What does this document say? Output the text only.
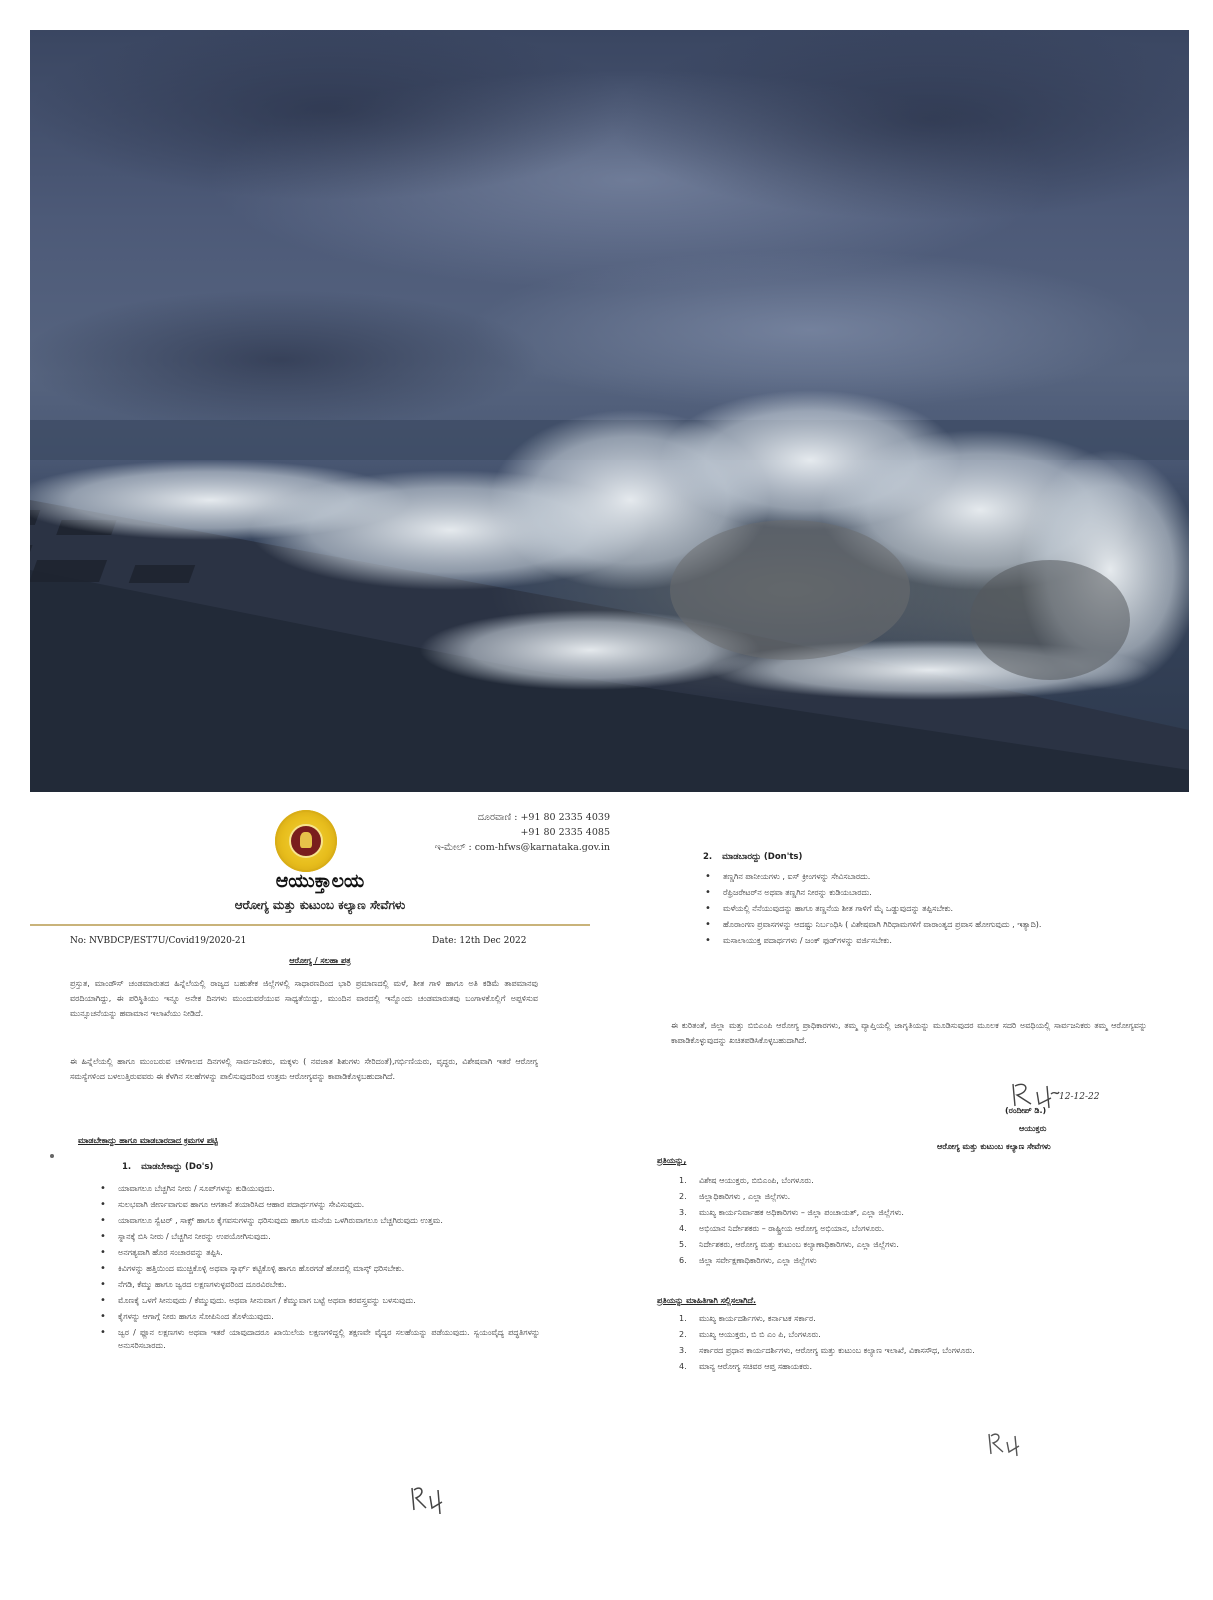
ದೂರವಾಣಿ : +91 80 2335 4039
+91 80 2335 4085
ಇ-ಮೇಲ್ : com-hfws@karnataka.gov.in
ಆಯುಕ್ತಾಲಯ
ಆರೋಗ್ಯ ಮತ್ತು ಕುಟುಂಬ ಕಲ್ಯಾಣ ಸೇವೆಗಳು
No: NVBDCP/EST7U/Covid19/2020-21	Date: 12th Dec 2022
ಆರೋಗ್ಯ / ಸಲಹಾ ಪತ್ರ
ಪ್ರಸ್ತುತ, ಮಾಂಡೌಸ್ ಚಂಡಮಾರುತದ ಹಿನ್ನೆಲೆಯಲ್ಲಿ ರಾಜ್ಯದ ಬಹುತೇಕ ಜಿಲ್ಲೆಗಳಲ್ಲಿ ಸಾಧಾರಣದಿಂದ ಭಾರಿ ಪ್ರಮಾಣದಲ್ಲಿ ಮಳೆ, ಶೀತ ಗಾಳಿ ಹಾಗೂ ಅತಿ ಕಡಿಮೆ ತಾಪಮಾನವು ವರದಿಯಾಗಿದ್ದು, ಈ ಪರಿಸ್ಥಿತಿಯು ಇನ್ನೂ ಅನೇಕ ದಿನಗಳು ಮುಂದುವರೆಯುವ ಸಾಧ್ಯತೆಯಿದ್ದು, ಮುಂದಿನ ವಾರದಲ್ಲಿ ಇನ್ನೊಂದು ಚಂಡಮಾರುತವು ಬಂಗಾಳಕೊಲ್ಲಿಗೆ ಅಪ್ಪಳಿಸುವ ಮುನ್ಸೂಚನೆಯನ್ನು ಹವಾಮಾನ ಇಲಾಖೆಯು ನೀಡಿದೆ.
ಈ ಹಿನ್ನೆಲೆಯಲ್ಲಿ ಹಾಗೂ ಮುಂಬರುವ ಚಳಿಗಾಲದ ದಿನಗಳಲ್ಲಿ ಸಾರ್ವಜನಿಕರು, ಮಕ್ಕಳು ( ನವಜಾತ ಶಿಶುಗಳು ಸೇರಿದಂತೆ),ಗರ್ಭಿಣಿಯರು, ವೃದ್ಧರು, ವಿಶೇಷವಾಗಿ ಇತರೆ ಆರೋಗ್ಯ ಸಮಸ್ಯೆಗಳಿಂದ ಬಳಲುತ್ತಿರುವವರು ಈ ಕೆಳಗಿನ ಸಲಹೆಗಳನ್ನು ಪಾಲಿಸುವುದರಿಂದ ಉತ್ತಮ ಆರೋಗ್ಯವನ್ನು ಕಾಪಾಡಿಕೊಳ್ಳಬಹುದಾಗಿದೆ.
ಮಾಡಬೇಕಾದ್ದು ಹಾಗೂ ಮಾಡಬಾರದಾದ ಕ್ರಮಗಳ ಪಟ್ಟಿ
1. ಮಾಡಬೇಕಾದ್ದು (Do's)
• ಯಾವಾಗಲೂ ಬೆಚ್ಚಗಿನ ನೀರು / ಸೂಪ್‌ಗಳನ್ನು ಕುಡಿಯುವುದು.
• ಸುಲಭವಾಗಿ ಜೀರ್ಣವಾಗುವ ಹಾಗೂ ಆಗತಾನೆ ತಯಾರಿಸಿದ ಆಹಾರ ಪದಾರ್ಥಗಳನ್ನು ಸೇವಿಸುವುದು.
• ಯಾವಾಗಲೂ ಸ್ವೆಟರ್ , ಸಾಕ್ಸ್ ಹಾಗೂ ಕೈಗವಸುಗಳನ್ನು ಧರಿಸುವುದು ಹಾಗೂ ಮನೆಯ ಒಳಗಿರುವಾಗಲೂ ಬೆಚ್ಚಗಿರುವುದು ಉತ್ತಮ.
• ಸ್ನಾನಕ್ಕೆ ಬಿಸಿ ನೀರು / ಬೆಚ್ಚಗಿನ ನೀರನ್ನು ಉಪಯೋಗಿಸುವುದು.
• ಅನಗತ್ಯವಾಗಿ ಹೊರ ಸಂಚಾರವನ್ನು ತಪ್ಪಿಸಿ.
• ಕಿವಿಗಳನ್ನು ಹತ್ತಿಯಿಂದ ಮುಚ್ಚಿಕೊಳ್ಳಿ ಅಥವಾ ಸ್ಕಾರ್ಫ್ ಕಟ್ಟಿಕೊಳ್ಳಿ ಹಾಗೂ ಹೊರಗಡೆ ಹೋದಲ್ಲಿ ಮಾಸ್ಕ್ ಧರಿಸಬೇಕು.
• ನೆಗಡಿ, ಕೆಮ್ಮು ಹಾಗೂ ಜ್ವರದ ಲಕ್ಷಣಗಳುಳ್ಳವರಿಂದ ದೂರವಿರಬೇಕು.
• ಮೊಣಕೈ ಒಳಗೆ ಸೀನುವುದು / ಕೆಮ್ಮುವುದು. ಅಥವಾ ಸೀನುವಾಗ / ಕೆಮ್ಮುವಾಗ ಬಟ್ಟೆ ಅಥವಾ ಕರವಸ್ತ್ರವನ್ನು ಬಳಸುವುದು.
• ಕೈಗಳನ್ನು ಆಗಾಗ್ಗೆ ನೀರು ಹಾಗೂ ಸೋಪಿನಿಂದ ತೊಳೆಯುವುದು.
• ಜ್ವರ / ಫ್ಲೂನ ಲಕ್ಷಣಗಳು ಅಥವಾ ಇತರೆ ಯಾವುದಾದರೂ ಖಾಯಿಲೆಯ ಲಕ್ಷಣಗಳಿದ್ದಲ್ಲಿ ತಕ್ಷಣವೇ ವೈದ್ಯರ ಸಲಹೆಯನ್ನು ಪಡೆಯುವುದು. ಸ್ವಯಂವೈದ್ಯ ಪದ್ಧತಿಗಳನ್ನು ಅನುಸರಿಸಬಾರದು.
2. ಮಾಡಬಾರದ್ದು (Don'ts)
• ತಣ್ಣಗಿನ ಪಾನೀಯಗಳು , ಐಸ್ ಕ್ರೀಂಗಳನ್ನು ಸೇವಿಸಬಾರದು.
• ರೆಫ್ರಿಜರೇಟರ್‌ನ ಅಥವಾ ತಣ್ಣಗಿನ ನೀರನ್ನು ಕುಡಿಯಬಾರದು.
• ಮಳೆಯಲ್ಲಿ ನೆನೆಯುವುದನ್ನು ಹಾಗೂ ತಣ್ಣನೆಯ ಶೀತ ಗಾಳಿಗೆ ಮೈ ಒಡ್ಡುವುದನ್ನು ತಪ್ಪಿಸಬೇಕು.
• ಹೊರಾಂಗಣ ಪ್ರವಾಸಗಳನ್ನು ಆದಷ್ಟು ನಿರ್ಬಂಧಿಸಿ ( ವಿಶೇಷವಾಗಿ ಗಿರಿಧಾಮಗಳಿಗೆ ವಾರಾಂತ್ಯದ ಪ್ರವಾಸ ಹೋಗುವುದು , ಇತ್ಯಾದಿ).
• ಮಸಾಲಾಯುಕ್ತ ಪದಾರ್ಥಗಳು / ಜಂಕ್ ಫುಡ್‌ಗಳನ್ನು ವರ್ಜಿಸಬೇಕು.
ಈ ಕುರಿತಂತೆ, ಜಿಲ್ಲಾ ಮತ್ತು ಬಿಬಿಎಂಪಿ ಆರೋಗ್ಯ ಪ್ರಾಧಿಕಾರಗಳು, ತಮ್ಮ ವ್ಯಾಪ್ತಿಯಲ್ಲಿ ಜಾಗೃತಿಯನ್ನು ಮೂಡಿಸುವುದರ ಮೂಲಕ ಸದರಿ ಅವಧಿಯಲ್ಲಿ ಸಾರ್ವಜನಿಕರು ತಮ್ಮ ಆರೋಗ್ಯವನ್ನು ಕಾಪಾಡಿಕೊಳ್ಳುವುದನ್ನು ಖಚಿತಪಡಿಸಿಕೊಳ್ಳಬಹುದಾಗಿದೆ.
12-12-22
(ರಂದೀಪ್ ಡಿ.)
ಆಯುಕ್ತರು
ಆರೋಗ್ಯ ಮತ್ತು ಕುಟುಂಬ ಕಲ್ಯಾಣ ಸೇವೆಗಳು
ಪ್ರತಿಯನ್ನು,
1. ವಿಶೇಷ ಆಯುಕ್ತರು, ಬಿಬಿಎಂಪಿ, ಬೆಂಗಳೂರು.
2. ಜಿಲ್ಲಾಧಿಕಾರಿಗಳು , ಎಲ್ಲಾ ಜಿಲ್ಲೆಗಳು.
3. ಮುಖ್ಯ ಕಾರ್ಯನಿರ್ವಾಹಕ ಅಧಿಕಾರಿಗಳು – ಜಿಲ್ಲಾ ಪಂಚಾಯತ್, ಎಲ್ಲಾ ಜಿಲ್ಲೆಗಳು.
4. ಅಭಿಯಾನ ನಿರ್ದೇಶಕರು – ರಾಷ್ಟ್ರೀಯ ಆರೋಗ್ಯ ಅಭಿಯಾನ, ಬೆಂಗಳೂರು.
5. ನಿರ್ದೇಶಕರು, ಆರೋಗ್ಯ ಮತ್ತು ಕುಟುಂಬ ಕಲ್ಯಾಣಾಧಿಕಾರಿಗಳು, ಎಲ್ಲಾ ಜಿಲ್ಲೆಗಳು.
6. ಜಿಲ್ಲಾ ಸರ್ವೇಕ್ಷಣಾಧಿಕಾರಿಗಳು, ಎಲ್ಲಾ ಜಿಲ್ಲೆಗಳು
ಪ್ರತಿಯನ್ನು ಮಾಹಿತಿಗಾಗಿ ಸಲ್ಲಿಸಲಾಗಿದೆ.
1. ಮುಖ್ಯ ಕಾರ್ಯದರ್ಶಿಗಳು, ಕರ್ನಾಟಕ ಸರ್ಕಾರ.
2. ಮುಖ್ಯ ಆಯುಕ್ತರು, ಬಿ ಬಿ ಎಂ ಪಿ, ಬೆಂಗಳೂರು.
3. ಸರ್ಕಾರದ ಪ್ರಧಾನ ಕಾರ್ಯದರ್ಶಿಗಳು, ಆರೋಗ್ಯ ಮತ್ತು ಕುಟುಂಬ ಕಲ್ಯಾಣ ಇಲಾಖೆ, ವಿಕಾಸಸೌಧ, ಬೆಂಗಳೂರು.
4. ಮಾನ್ಯ ಆರೋಗ್ಯ ಸಚಿವರ ಆಪ್ತ ಸಹಾಯಕರು.
